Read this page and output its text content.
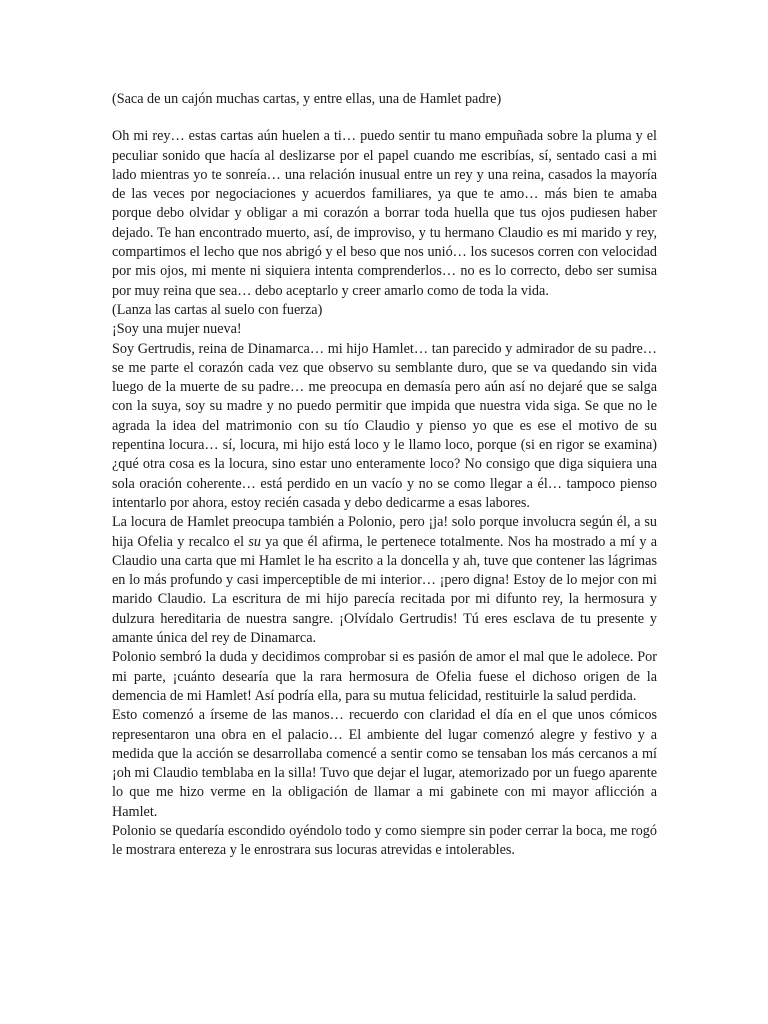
(Saca de un cajón muchas cartas, y entre ellas, una de Hamlet padre)

Oh mi rey… estas cartas aún huelen a ti… puedo sentir tu mano empuñada sobre la pluma y el peculiar sonido que hacía al deslizarse por el papel cuando me escribías, sí, sentado casi a mi lado mientras yo te sonreía… una relación inusual entre un rey y una reina, casados la mayoría de las veces por negociaciones y acuerdos familiares, ya que te amo… más bien te amaba porque debo olvidar y obligar a mi corazón a borrar toda huella que tus ojos pudiesen haber dejado. Te han encontrado muerto, así, de improviso, y tu hermano Claudio es mi marido y rey, compartimos el lecho que nos abrigó y el beso que nos unió… los sucesos corren con velocidad por mis ojos, mi mente ni siquiera intenta comprenderlos… no es lo correcto, debo ser sumisa por muy reina que sea… debo aceptarlo y creer amarlo como de toda la vida.

(Lanza las cartas al suelo con fuerza)

¡Soy una mujer nueva!

Soy Gertrudis, reina de Dinamarca… mi hijo Hamlet… tan parecido y admirador de su padre… se me parte el corazón cada vez que observo su semblante duro, que se va quedando sin vida luego de la muerte de su padre… me preocupa en demasía pero aún así no dejaré que se salga con la suya, soy su madre y no puedo permitir que impida que nuestra vida siga. Se que no le agrada la idea del matrimonio con su tío Claudio y pienso yo que es ese el motivo de su repentina locura… sí, locura, mi hijo está loco y le llamo loco, porque (si en rigor se examina) ¿qué otra cosa es la locura, sino estar uno enteramente loco? No consigo que diga siquiera una sola oración coherente… está perdido en un vacío y no se como llegar a él… tampoco pienso intentarlo por ahora, estoy recién casada y debo dedicarme a esas labores.

La locura de Hamlet preocupa también a Polonio, pero ¡ja! solo porque involucra según él, a su hija Ofelia y recalco el su ya que él afirma, le pertenece totalmente. Nos ha mostrado a mí y a Claudio una carta que mi Hamlet le ha escrito a la doncella y ah, tuve que contener las lágrimas en lo más profundo y casi imperceptible de mi interior… ¡pero digna! Estoy de lo mejor con mi marido Claudio. La escritura de mi hijo parecía recitada por mi difunto rey, la hermosura y dulzura hereditaria de nuestra sangre. ¡Olvídalo Gertrudis! Tú eres esclava de tu presente y amante única del rey de Dinamarca.

Polonio sembró la duda y decidimos comprobar si es pasión de amor el mal que le adolece. Por mi parte, ¡cuánto desearía que la rara hermosura de Ofelia fuese el dichoso origen de la demencia de mi Hamlet! Así podría ella, para su mutua felicidad, restituirle la salud perdida.

Esto comenzó a írseme de las manos… recuerdo con claridad el día en el que unos cómicos representaron una obra en el palacio… El ambiente del lugar comenzó alegre y festivo y a medida que la acción se desarrollaba comencé a sentir como se tensaban los más cercanos a mí ¡oh mi Claudio temblaba en la silla! Tuvo que dejar el lugar, atemorizado por un fuego aparente lo que me hizo verme en la obligación de llamar a mi gabinete con mi mayor aflicción a Hamlet.

Polonio se quedaría escondido oyéndolo todo y como siempre sin poder cerrar la boca, me rogó le mostrara entereza y le enrostrara sus locuras atrevidas e intolerables.
